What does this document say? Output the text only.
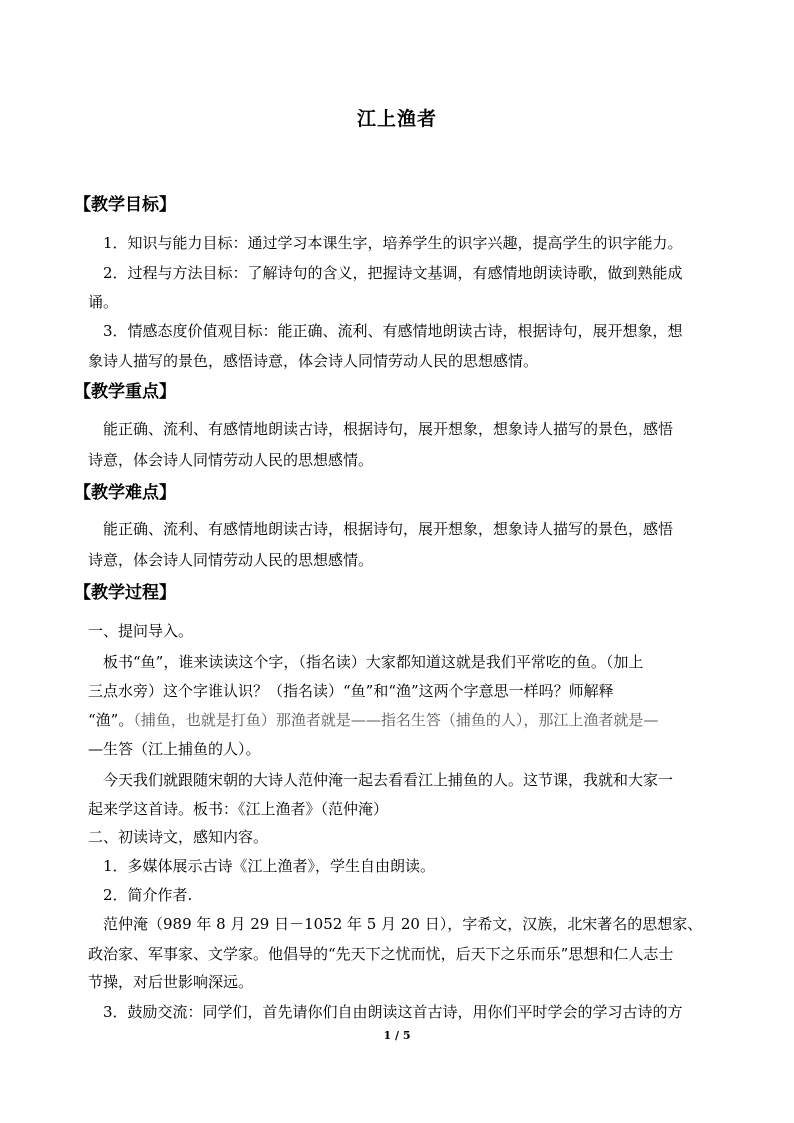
江上渔者
【教学目标】
1．知识与能力目标：通过学习本课生字，培养学生的识字兴趣，提高学生的识字能力。
2．过程与方法目标：了解诗句的含义，把握诗文基调，有感情地朗读诗歌，做到熟能成
诵。
3．情感态度价值观目标：能正确、流利、有感情地朗读古诗，根据诗句，展开想象，想
象诗人描写的景色，感悟诗意，体会诗人同情劳动人民的思想感情。
【教学重点】
能正确、流利、有感情地朗读古诗，根据诗句，展开想象，想象诗人描写的景色，感悟
诗意，体会诗人同情劳动人民的思想感情。
【教学难点】
能正确、流利、有感情地朗读古诗，根据诗句，展开想象，想象诗人描写的景色，感悟
诗意，体会诗人同情劳动人民的思想感情。
【教学过程】
一、提问导入。
板书“鱼”，谁来读读这个字，（指名读）大家都知道这就是我们平常吃的鱼。（加上
三点水旁）这个字谁认识？（指名读）“鱼”和“渔”这两个字意思一样吗？师解释
“渔”。（捕鱼，也就是打鱼）那渔者就是——指名生答（捕鱼的人），那江上渔者就是—
—生答（江上捕鱼的人）。
今天我们就跟随宋朝的大诗人范仲淹一起去看看江上捕鱼的人。这节课，我就和大家一
起来学这首诗。板书：《江上渔者》（范仲淹）
二、初读诗文，感知内容。
1．多媒体展示古诗《江上渔者》，学生自由朗读。
2．简介作者.
范仲淹（989 年 8 月 29 日－1052 年 5 月 20 日），字希文，汉族，北宋著名的思想家、
政治家、军事家、文学家。他倡导的“先天下之忧而忧，后天下之乐而乐”思想和仁人志士
节操，对后世影响深远。
3．鼓励交流：同学们，首先请你们自由朗读这首古诗，用你们平时学会的学习古诗的方
1 / 5
